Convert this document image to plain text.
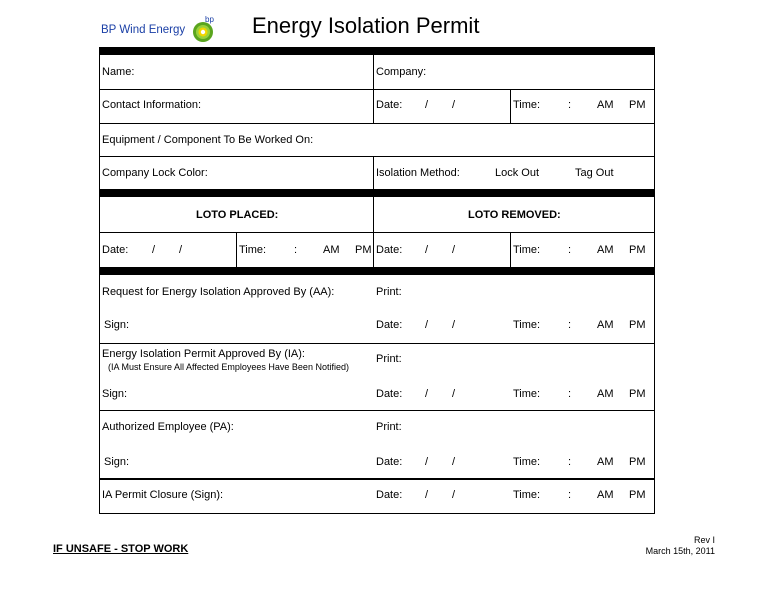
BP Wind Energy
bp Energy Isolation Permit
Name:	Company:
Contact Information:	Date: / /	Time:	: AM PM
Equipment / Component To Be Worked On:
Company Lock Color:	Isolation Method:	Lock Out	Tag Out
LOTO PLACED:	LOTO REMOVED:
Date: / /	Time:	: AM PM Date: / /	Time:	: AM PM
Request for Energy Isolation Approved By (AA):	Print:
Sign:	Date: / /	Time:	: AM PM
Energy Isolation Permit Approved By (IA):
(IA Must Ensure All Affected Employees Have Been Notified)
Print:
Sign:	Date: / /	Time:	: AM PM
Authorized Employee (PA):	Print:
Sign:	Date: / /	Time:	: AM PM
IA Permit Closure (Sign):	Date: / /	Time:	: AM PM
IF UNSAFE - STOP WORK
Rev I
March 15th, 2011
